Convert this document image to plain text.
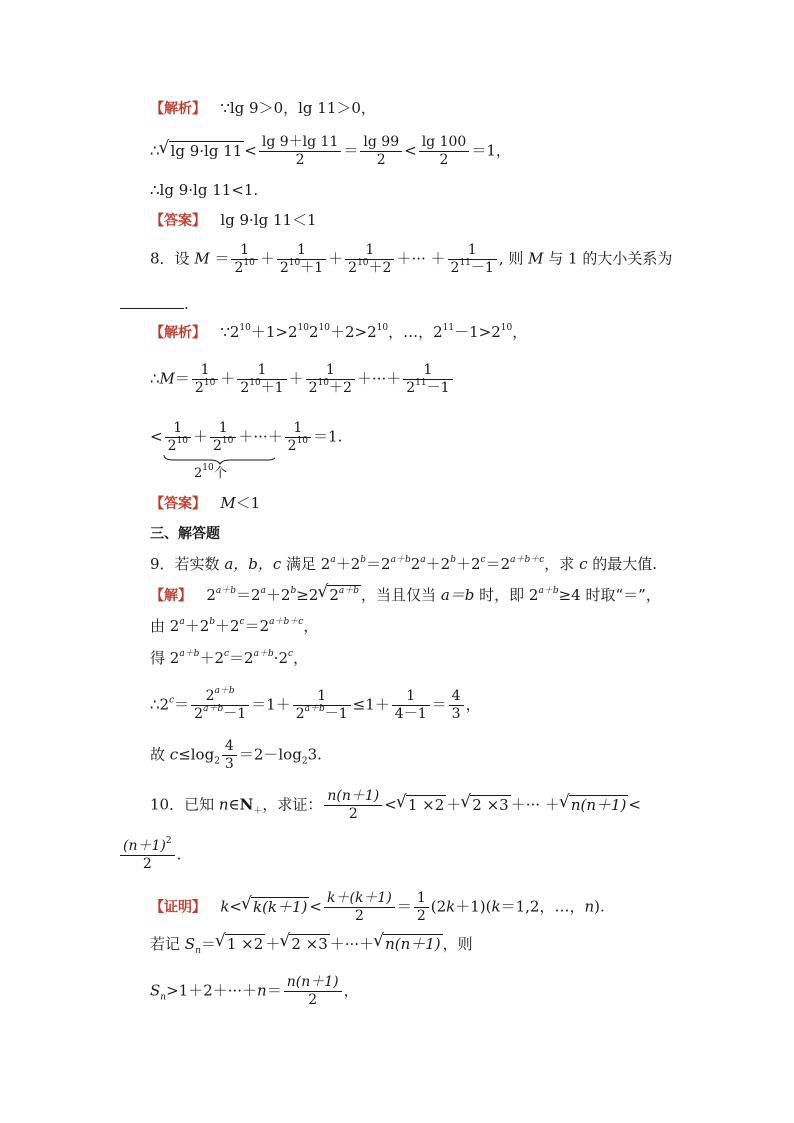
【解析】 ∵lg 9＞0，lg 11＞0，
∴√ lg 9·lg $11 < \frac{\lg 9+\lg 11}{2} = \frac{\lg 99}{2} < \frac{\lg 100}{2} =1$，
∴lg 9·lg 11<1.
【答案】 lg 9·lg 11＜1
8．设 $M = \frac{1}{2^{10}} + \frac{1}{2^{10}+1} + \frac{1}{2^{10}+2}$ ＋··· ＋ $\frac{1}{2^{11}-1}$ , 则 M 与 1 的大小关系为
.
【解析】 $\because 2^{10}+1>2^{10}2^{10}+2>2^{10}$，…，$2^{11}-1>2^{10}$，
∴M＝ $\frac{1}{2^{10}} + \frac{1}{2^{10}+1} + \frac{1}{2^{10}+2}$ ＋···＋ $\frac{1}{2^{11}-1}$
< $\frac{1}{2^{10}} + \frac{1}{2^{10}}$ ＋···＋ $\frac{1}{2^{10}}$
$2^{10}$个
＝1.
【答案】 M＜1
三、解答题
9．若实数 a，b，c 满足 $2^a+2^b=2^{a+b}2^a+2^b+2^c=2^{a+b+c}$，求 c 的最大值.
【解】 $2^{a+b}=2^a+2^b\ge 2√$ $2^{a+b}$ ，当且仅当 a＝b 时，即 $2^{a+b}\ge 4$ 时取“＝”，
由 $2^a+2^b+2^c=2^{a+b+c}$，
得 $2^{a+b}+2^c=2^{a+b}\cdot 2^c$，
$\therefore 2^c= \frac{2^{a+b}}{2^{a+b}-1} =1+ \frac{1}{2^{a+b}-1} \le 1+ \frac{1}{4-1} = \frac{4}{3}$ ，
故 $c\le\log_2 \frac{4}{3} =2-\log_23$.
10．已知 $n\in N_+$，求证： $\frac{n(n+1)}{2}$ <√ 1 ×2 ＋√ 2 ×3 ＋··· ＋√ n(n＋1) <
$\frac{(n+1)^2}{2}$ .
【证明】 k<√ $k(k+1) < \frac{k+(k+1)}{2} = \frac{1}{2} (2k+1)(k=1,2$，…，n).
若记 $S_n=√$ 1 ×2 ＋√ 2 ×3 ＋···＋√ n(n＋1) ，则
$S_n>1+2+\cdot\cdot\cdot+n= \frac{n(n+1)}{2}$ ，
